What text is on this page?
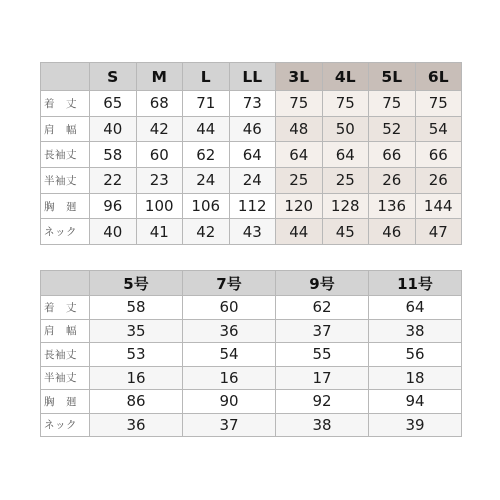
	S	M	L	LL	3L	4L	5L	6L
着　丈	65	68	71	73	75	75	75	75
肩　幅	40	42	44	46	48	50	52	54
長袖丈	58	60	62	64	64	64	66	66
半袖丈	22	23	24	24	25	25	26	26
胸　廻	96	100	106	112	120	128	136	144
ネック	40	41	42	43	44	45	46	47
	5号	7号	9号	11号
着　丈	58	60	62	64
肩　幅	35	36	37	38
長袖丈	53	54	55	56
半袖丈	16	16	17	18
胸　廻	86	90	92	94
ネック	36	37	38	39
